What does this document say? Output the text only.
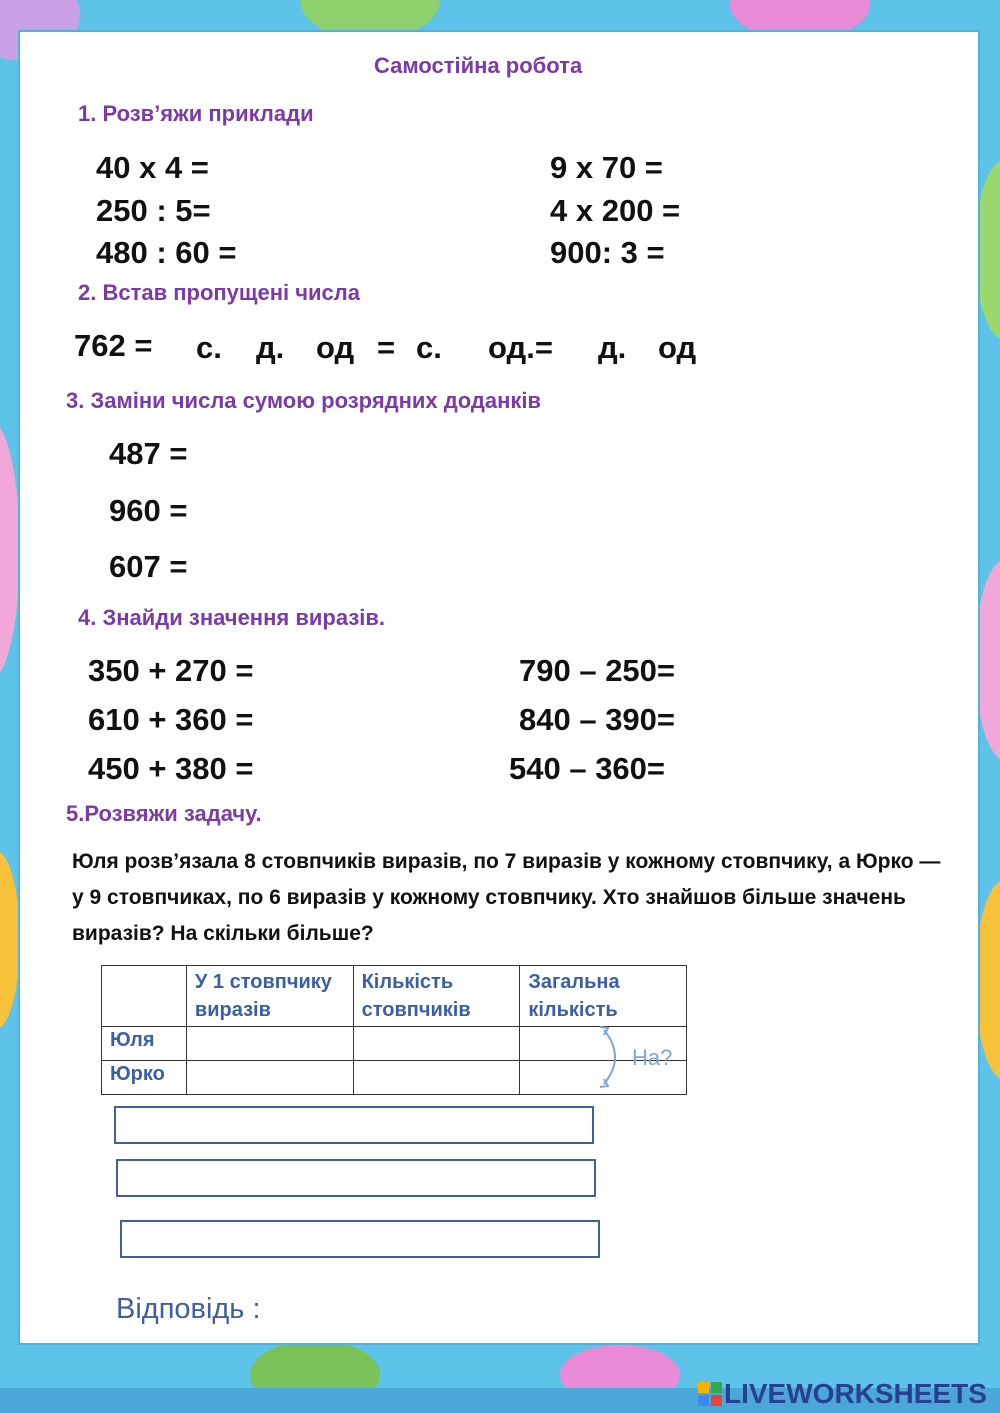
Самостійна робота
1. Розв’яжи приклади
40 х 4 =
250 : 5=
480 : 60 =
9 х 70 =
4 х 200 =
900: 3 =
2. Встав пропущені числа
762 = с. д. од = с. од.= д. од
3. Заміни числа сумою розрядних доданків
487 =
960 =
607 =
4. Знайди значення виразів.
350 + 270 =
610 + 360 =
450 + 380 =
790 – 250=
840 – 390=
540 – 360=
5.Розвяжи задачу.
Юля розв’язала 8 стовпчиків виразів, по 7 виразів у кожному стовпчику, а Юрко — у 9 стовпчиках, по 6 виразів у кожному стовпчику. Хто знайшов більше значень виразів? На скільки більше?
	У 1 стовпчику виразів	Кількість стовпчиків	Загальна кількість
Юля			
Юрко			
На?
Відповідь :
LIVEWORKSHEETS
